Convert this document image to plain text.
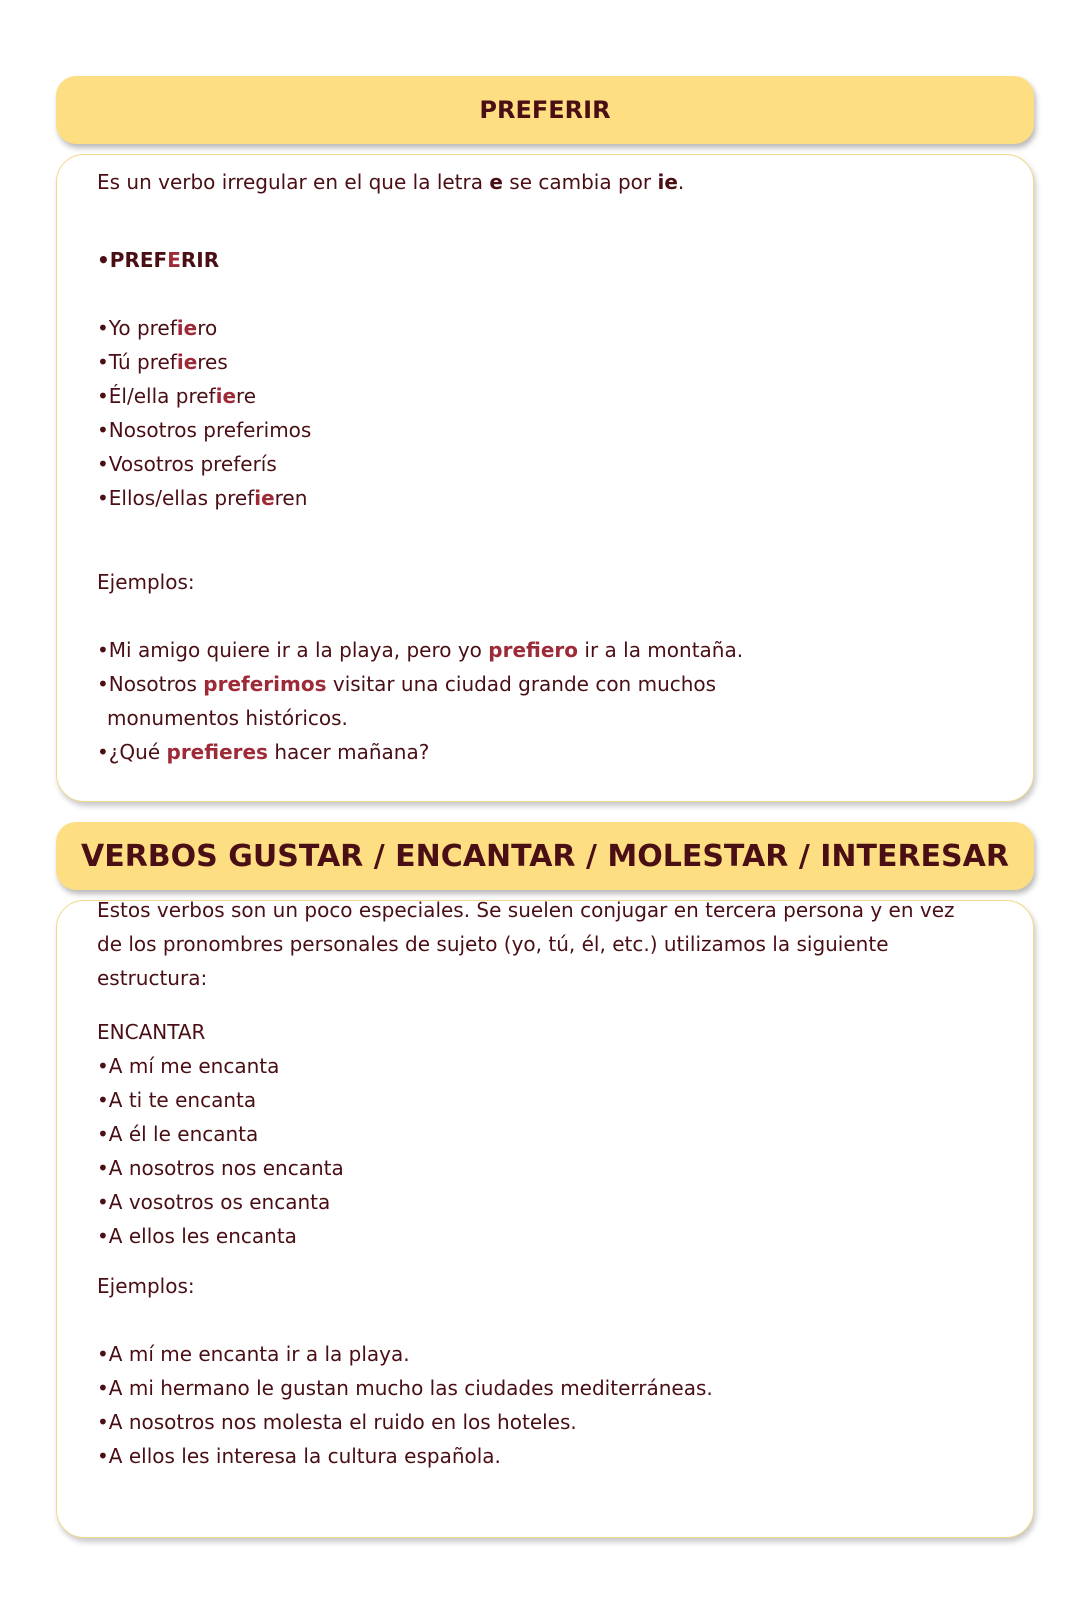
PREFERIR
Es un verbo irregular en el que la letra e se cambia por ie.
•PREFERIR
•Yo prefiero
•Tú prefieres
•Él/ella prefiere
•Nosotros preferimos
•Vosotros preferís
•Ellos/ellas prefieren
Ejemplos:
•Mi amigo quiere ir a la playa, pero yo prefiero ir a la montaña.
•Nosotros preferimos visitar una ciudad grande con muchos
monumentos históricos.
•¿Qué prefieres hacer mañana?
VERBOS GUSTAR / ENCANTAR / MOLESTAR / INTERESAR
Estos verbos son un poco especiales. Se suelen conjugar en tercera persona y en vez
de los pronombres personales de sujeto (yo, tú, él, etc.) utilizamos la siguiente
estructura:
ENCANTAR
•A mí me encanta
•A ti te encanta
•A él le encanta
•A nosotros nos encanta
•A vosotros os encanta
•A ellos les encanta
Ejemplos:
•A mí me encanta ir a la playa.
•A mi hermano le gustan mucho las ciudades mediterráneas.
•A nosotros nos molesta el ruido en los hoteles.
•A ellos les interesa la cultura española.
